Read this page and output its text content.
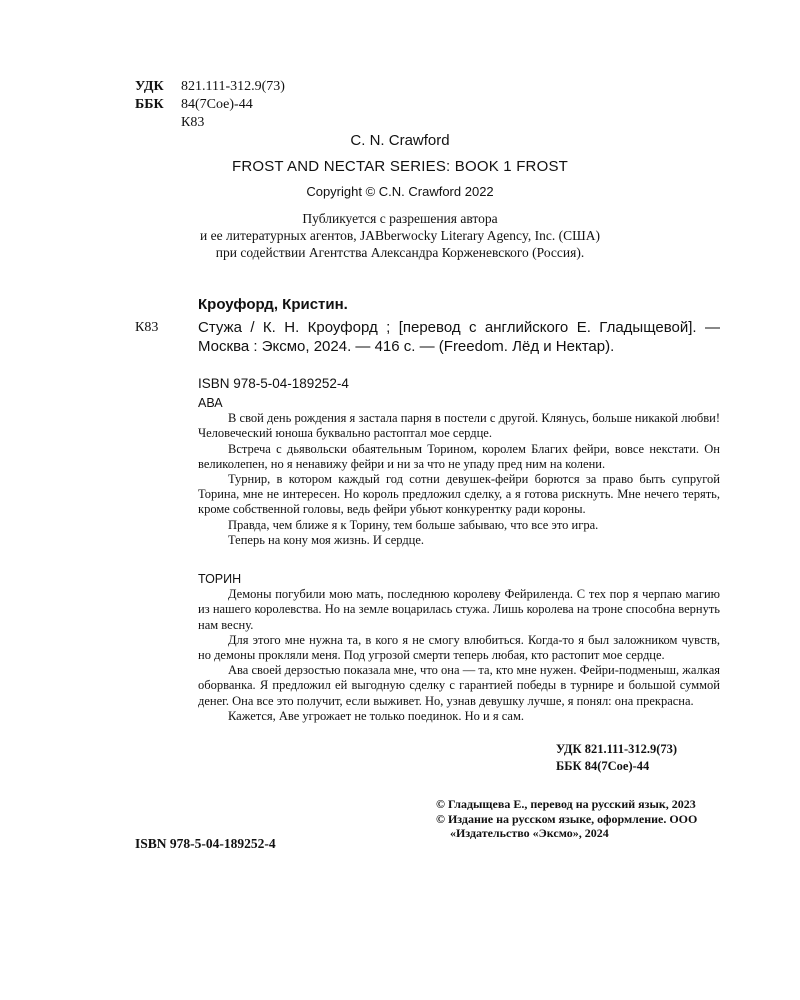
УДК	821.111-312.9(73)
ББК	84(7Сое)-44
К83
C. N. Crawford
FROST AND NECTAR SERIES: BOOK 1 FROST
Copyright © C.N. Crawford 2022
Публикуется с разрешения автора
и ее литературных агентов, JABberwocky Literary Agency, Inc. (США)
при содействии Агентства Александра Корженевского (Россия).
Кроуфорд, Кристин.
К83	Стужа / К. Н. Кроуфорд ; [перевод с английского Е. Гладыщевой]. — Москва : Эксмо, 2024. — 416 с. — (Freedom. Лёд и Нектар).
ISBN 978-5-04-189252-4
АВА

В свой день рождения я застала парня в постели с другой. Клянусь, больше никакой любви! Человеческий юноша буквально растоптал мое сердце.

Встреча с дьявольски обаятельным Торином, королем Благих фейри, вовсе некстати. Он великолепен, но я ненавижу фейри и ни за что не упаду пред ним на колени.

Турнир, в котором каждый год сотни девушек-фейри борются за право быть супругой Торина, мне не интересен. Но король предложил сделку, а я готова рискнуть. Мне нечего терять, кроме собственной головы, ведь фейри убьют конкурентку ради короны.

Правда, чем ближе я к Торину, тем больше забываю, что все это игра.

Теперь на кону моя жизнь. И сердце.

ТОРИН

Демоны погубили мою мать, последнюю королеву Фейриленда. С тех пор я черпаю магию из нашего королевства. Но на земле воцарилась стужа. Лишь королева на троне способна вернуть нам весну.

Для этого мне нужна та, в кого я не смогу влюбиться. Когда-то я был заложником чувств, но демоны прокляли меня. Под угрозой смерти теперь любая, кто растопит мое сердце.

Ава своей дерзостью показала мне, что она — та, кто мне нужен. Фейри-подменыш, жалкая оборванка. Я предложил ей выгодную сделку с гарантией победы в турнире и большой суммой денег. Она все это получит, если выживет. Но, узнав девушку лучше, я понял: она прекрасна.

Кажется, Аве угрожает не только поединок. Но и я сам.

УДК 821.111-312.9(73)
ББК 84(7Сое)-44
© Гладыщева Е., перевод на русский язык, 2023
© Издание на русском языке, оформление. ООО «Издательство «Эксмо», 2024
ISBN 978-5-04-189252-4
